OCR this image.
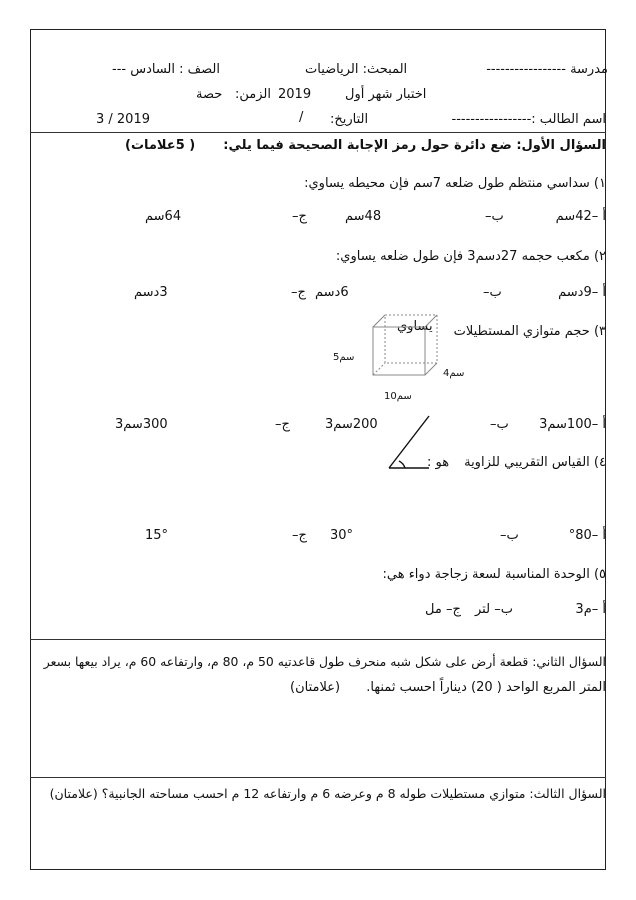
مدرسة -----------------
المبحث: الرياضيات
الصف : السادس ---
اختبار شهر أول
2019
الزمن:
حصة
اسم الطالب :-----------------
التاريخ:
/
3 / 2019
السؤال الأول: ضع دائرة حول رمز الإجابة الصحيحة فيما يلي:
( 5علامات)
١) سداسي منتظم طول ضلعه 7سم فإن محيطه يساوي:
أ –42سم
ب–
48سم
ج–
64سم
٢) مكعب حجمه 27دسم3 فإن طول ضلعه يساوي:
أ –9دسم
ب–
6دسم
ج–
3دسم
٣) حجم متوازي المستطيلات
يساوي
5سم
4سم
10سم
أ –100سم3
ب–
200سم3
ج–
300سم3
٤) القياس التقريبي للزاوية
هو :
أ –80°
ب–
30°
ج–
15°
٥) الوحدة المناسبة لسعة زجاجة دواء هي:
أ –م3
ب– لتر
ج– مل
السؤال الثاني: قطعة أرض على شكل شبه منحرف طول قاعدتيه 50 م، 80 م، وارتفاعه 60 م، يراد بيعها بسعر
المتر المربع الواحد ( 20) ديناراً احسب ثمنها.
(علامتان)
السؤال الثالث: متوازي مستطيلات طوله 8 م وعرضه 6 م وارتفاعه 12 م احسب مساحته الجانبية؟ (علامتان)
